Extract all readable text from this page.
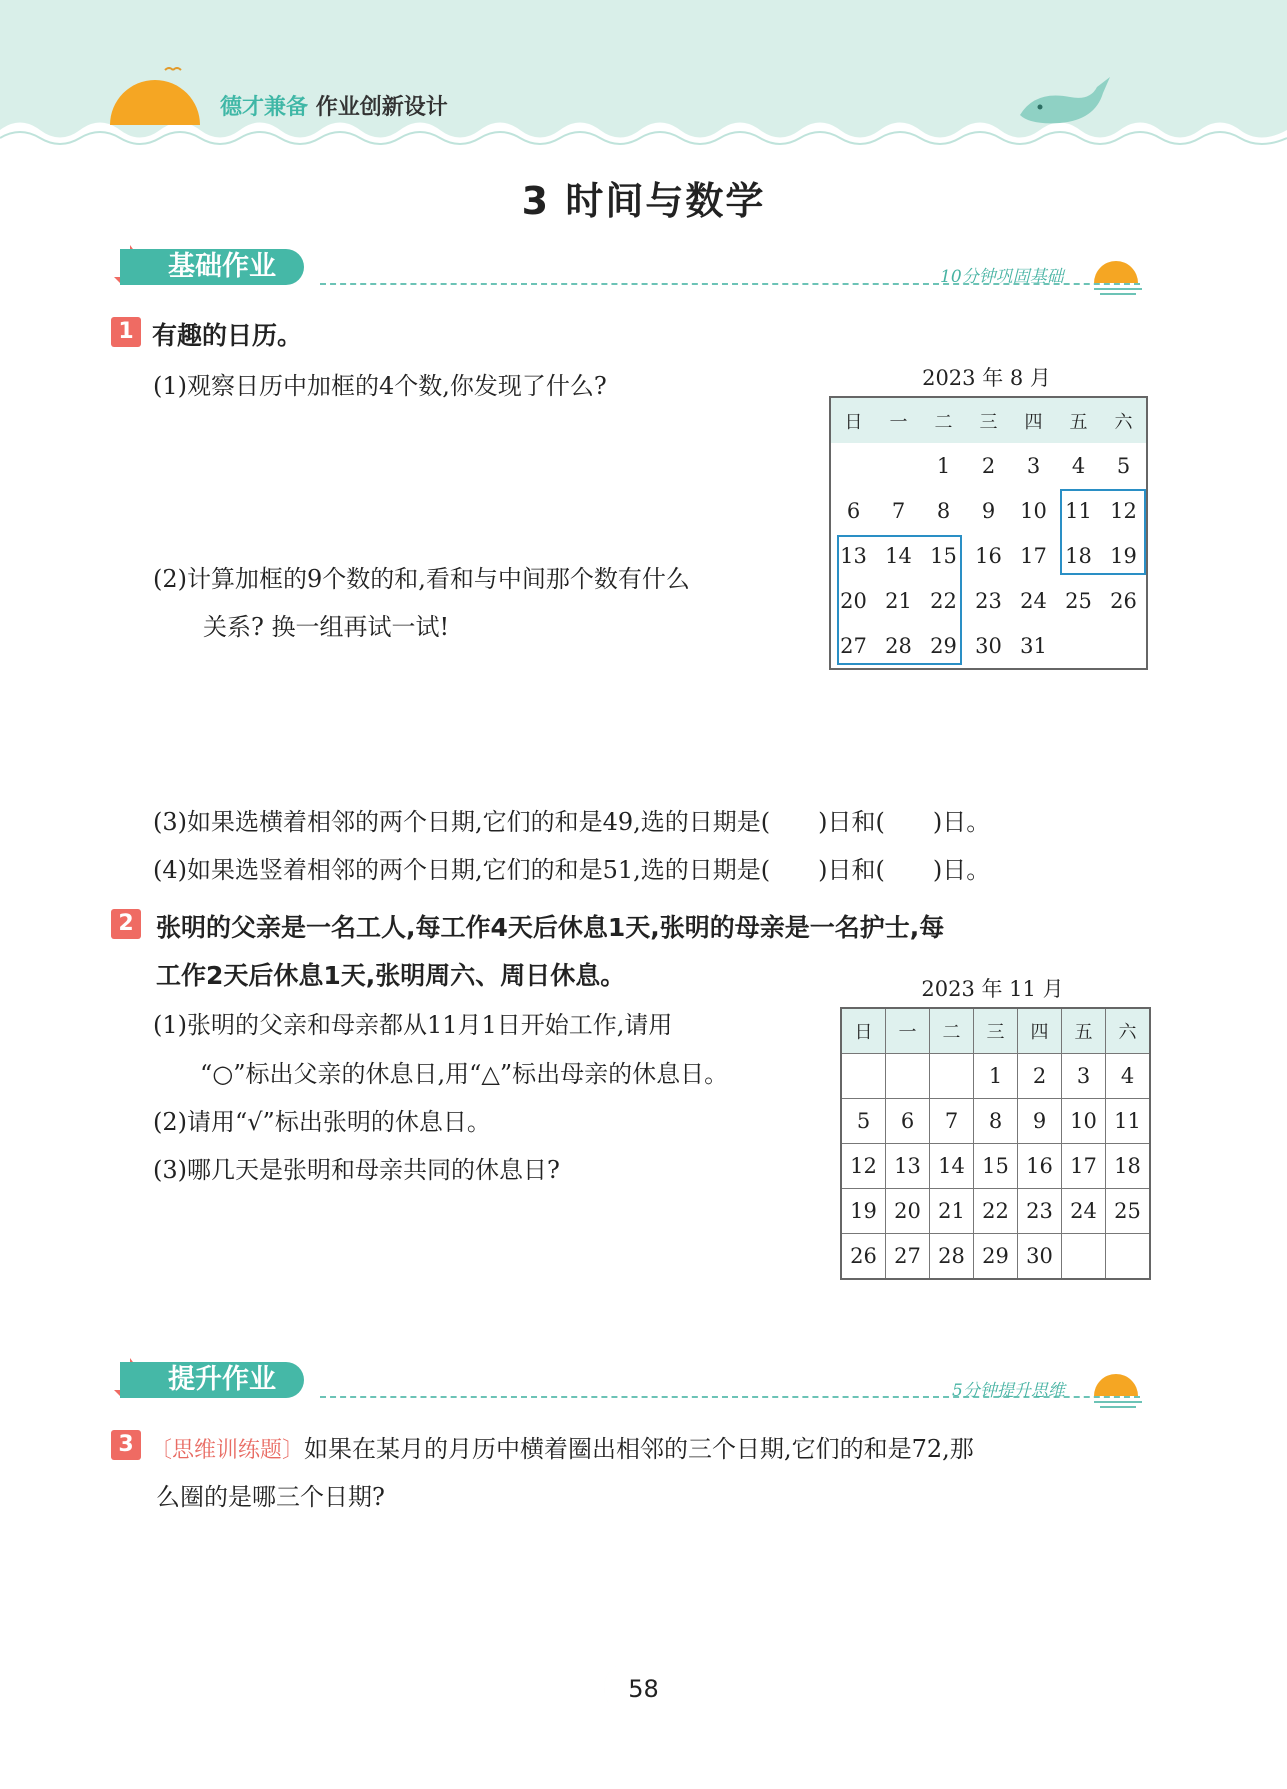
德才兼备 作业创新设计
3 时间与数学
基础作业	10分钟巩固基础
1 有趣的日历。
(1)观察日历中加框的4个数,你发现了什么?
(2)计算加框的9个数的和,看和与中间那个数有什么
关系? 换一组再试一试!
(3)如果选横着相邻的两个日期,它们的和是49,选的日期是( )日和( )日。
(4)如果选竖着相邻的两个日期,它们的和是51,选的日期是( )日和( )日。
2023 年 8 月
日	一	二	三	四	五	六
		1	2	3	4	5
6	7	8	9	10	11	12
13	14	15	16	17	18	19
20	21	22	23	24	25	26
27	28	29	30	31		
2 张明的父亲是一名工人,每工作4天后休息1天,张明的母亲是一名护士,每
工作2天后休息1天,张明周六、周日休息。
(1)张明的父亲和母亲都从11月1日开始工作,请用
“○”标出父亲的休息日,用“△”标出母亲的休息日。
(2)请用“√”标出张明的休息日。
(3)哪几天是张明和母亲共同的休息日?
2023 年 11 月
日	一	二	三	四	五	六
			1	2	3	4
5	6	7	8	9	10	11
12	13	14	15	16	17	18
19	20	21	22	23	24	25
26	27	28	29	30		
提升作业	5分钟提升思维
3 〔思维训练题〕如果在某月的月历中横着圈出相邻的三个日期,它们的和是72,那
么圈的是哪三个日期?
58
